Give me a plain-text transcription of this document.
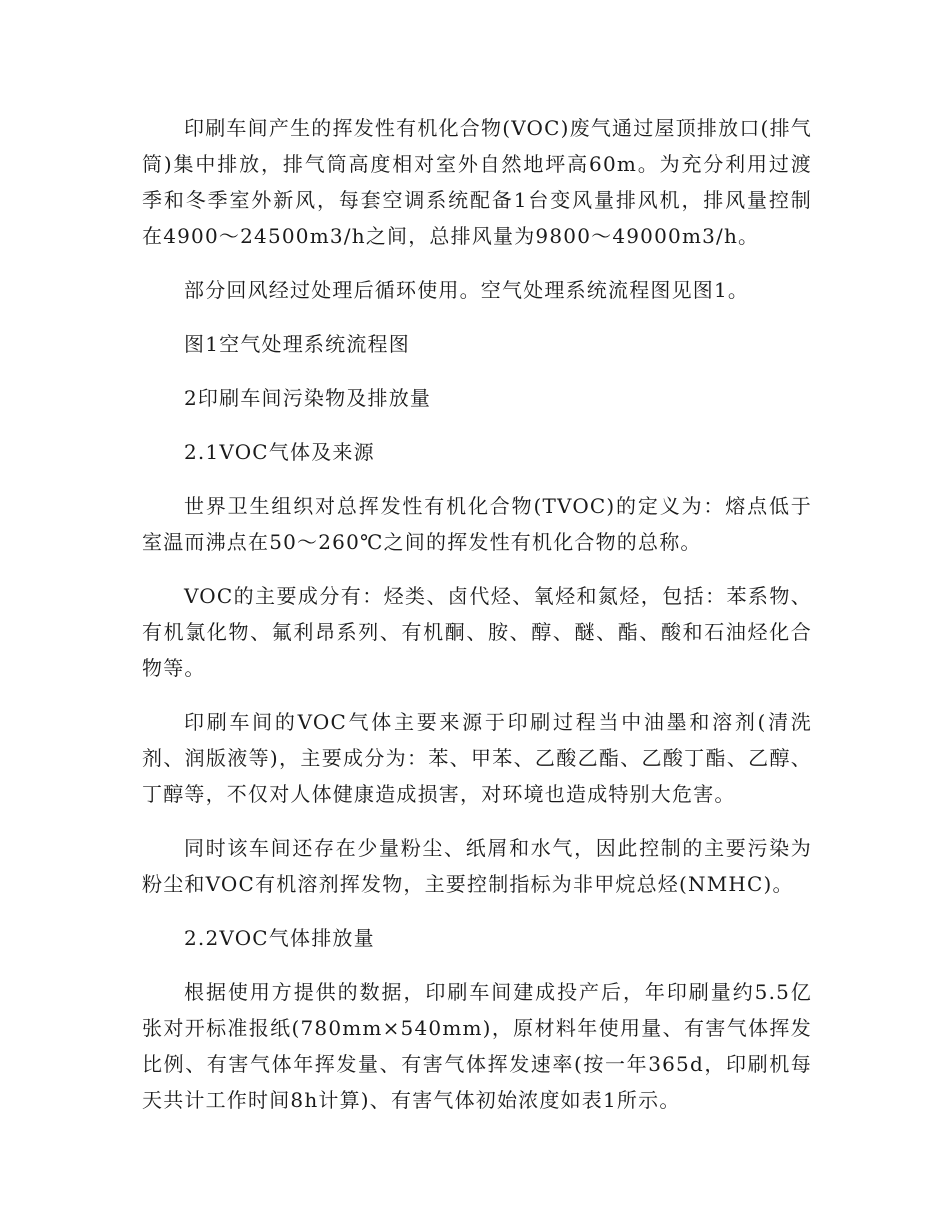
印刷车间产生的挥发性有机化合物(VOC)废气通过屋顶排放口(排气筒)集中排放，排气筒高度相对室外自然地坪高60m。为充分利用过渡季和冬季室外新风，每套空调系统配备1台变风量排风机，排风量控制在4900～24500m3/h之间，总排风量为9800～49000m3/h。

部分回风经过处理后循环使用。空气处理系统流程图见图1。

图1空气处理系统流程图

2印刷车间污染物及排放量

2.1VOC气体及来源

世界卫生组织对总挥发性有机化合物(TVOC)的定义为：熔点低于室温而沸点在50～260℃之间的挥发性有机化合物的总称。

VOC的主要成分有：烃类、卤代烃、氧烃和氮烃，包括：苯系物、有机氯化物、氟利昂系列、有机酮、胺、醇、醚、酯、酸和石油烃化合物等。

印刷车间的VOC气体主要来源于印刷过程当中油墨和溶剂(清洗剂、润版液等)，主要成分为：苯、甲苯、乙酸乙酯、乙酸丁酯、乙醇、丁醇等，不仅对人体健康造成损害，对环境也造成特别大危害。

同时该车间还存在少量粉尘、纸屑和水气，因此控制的主要污染为粉尘和VOC有机溶剂挥发物，主要控制指标为非甲烷总烃(NMHC)。

2.2VOC气体排放量

根据使用方提供的数据，印刷车间建成投产后，年印刷量约5.5亿张对开标准报纸(780mm×540mm)，原材料年使用量、有害气体挥发比例、有害气体年挥发量、有害气体挥发速率(按一年365d，印刷机每天共计工作时间8h计算)、有害气体初始浓度如表1所示。
